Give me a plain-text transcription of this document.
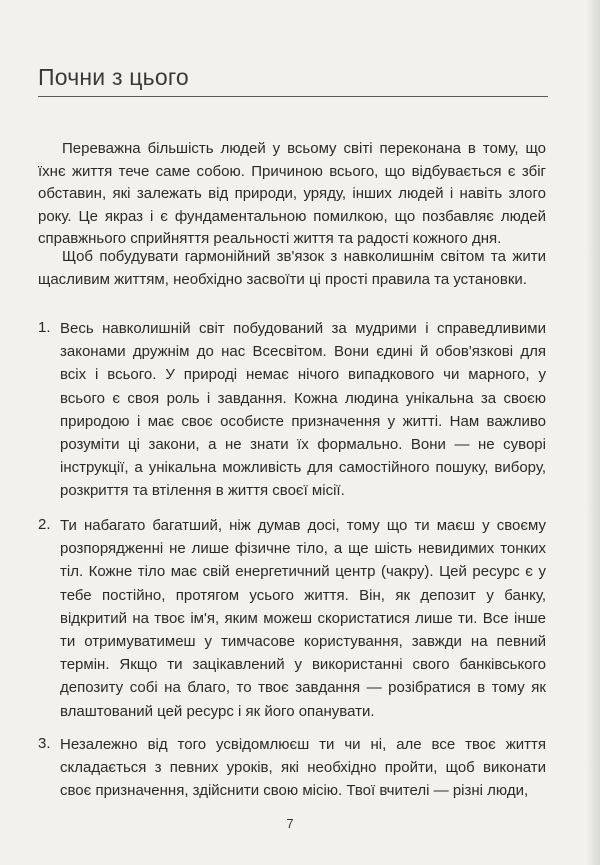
Почни з цього

Переважна більшість людей у всьому світі переконана в тому, що їхнє життя тече саме собою. Причиною всього, що відбувається є збіг обставин, які залежать від природи, уряду, інших людей і навіть злого року. Це якраз і є фундаментальною помилкою, що позбавляє людей справжнього сприйняття реальності життя та радості кожного дня.

Щоб побудувати гармонійний зв'язок з навколишнім світом та жити щасливим життям, необхідно засвоїти ці прості правила та установки.

1. Весь навколишній світ побудований за мудрими і справедливими законами дружнім до нас Всесвітом. Вони єдині й обов'язкові для всіх і всього. У природі немає нічого випадкового чи марного, у всього є своя роль і завдання. Кожна людина унікальна за своєю природою і має своє особисте призначення у житті. Нам важливо розуміти ці закони, а не знати їх формально. Вони — не суворі інструкції, а унікальна можливість для самостійного пошуку, вибору, розкриття та втілення в життя своєї місії.

2. Ти набагато багатший, ніж думав досі, тому що ти маєш у своєму розпорядженні не лише фізичне тіло, а ще шість невидимих тонких тіл. Кожне тіло має свій енергетичний центр (чакру). Цей ресурс є у тебе постійно, протягом усього життя. Він, як депозит у банку, відкритий на твоє ім'я, яким можеш скористатися лише ти. Все інше ти отримуватимеш у тимчасове користування, завжди на певний термін. Якщо ти зацікавлений у використанні свого банківського депозиту собі на благо, то твоє завдання — розібратися в тому як влаштований цей ресурс і як його опанувати.

3. Незалежно від того усвідомлюєш ти чи ні, але все твоє життя складається з певних уроків, які необхідно пройти, щоб виконати своє призначення, здійснити свою місію. Твої вчителі — різні люди,

7
